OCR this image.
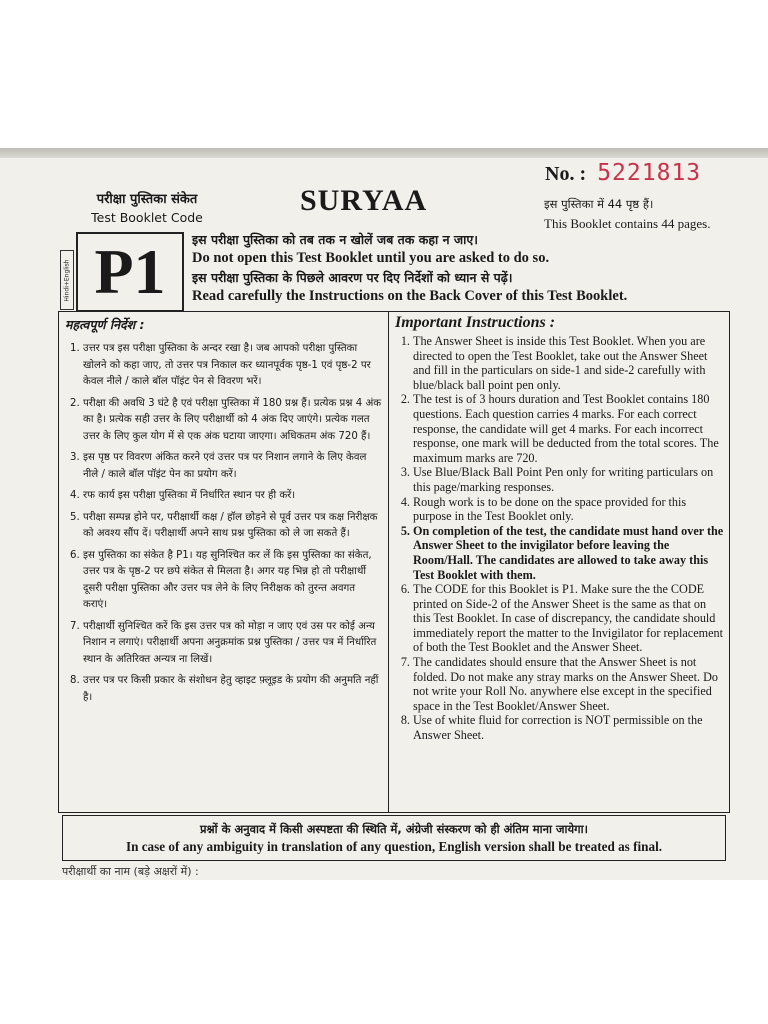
परीक्षा पुस्तिका संकेत
Test Booklet Code
SURYAA
No. : 5221813
इस पुस्तिका में 44 पृष्ठ हैं।
This Booklet contains 44 pages.
Hindi+English P1 इस परीक्षा पुस्तिका को तब तक न खोलें जब तक कहा न जाए।
Do not open this Test Booklet until you are asked to do so.
इस परीक्षा पुस्तिका के पिछले आवरण पर दिए निर्देशों को ध्यान से पढ़ें।
Read carefully the Instructions on the Back Cover of this Test Booklet.
महत्वपूर्ण निर्देश :
1. उत्तर पत्र इस परीक्षा पुस्तिका के अन्दर रखा है। जब आपको परीक्षा पुस्तिका खोलने को कहा जाए, तो उत्तर पत्र निकाल कर ध्यानपूर्वक पृष्ठ-1 एवं पृष्ठ-2 पर केवल नीले / काले बॉल पॉइंट पेन से विवरण भरें।
2. परीक्षा की अवधि 3 घंटे है एवं परीक्षा पुस्तिका में 180 प्रश्न हैं। प्रत्येक प्रश्न 4 अंक का है। प्रत्येक सही उत्तर के लिए परीक्षार्थी को 4 अंक दिए जाएंगे। प्रत्येक गलत उत्तर के लिए कुल योग में से एक अंक घटाया जाएगा। अधिकतम अंक 720 हैं।
3. इस पृष्ठ पर विवरण अंकित करने एवं उत्तर पत्र पर निशान लगाने के लिए केवल नीले / काले बॉल पॉइंट पेन का प्रयोग करें।
4. रफ कार्य इस परीक्षा पुस्तिका में निर्धारित स्थान पर ही करें।
5. परीक्षा सम्पन्न होने पर, परीक्षार्थी कक्ष / हॉल छोड़ने से पूर्व उत्तर पत्र कक्ष निरीक्षक को अवश्य सौंप दें। परीक्षार्थी अपने साथ प्रश्न पुस्तिका को ले जा सकते हैं।
6. इस पुस्तिका का संकेत है P1। यह सुनिश्चित कर लें कि इस पुस्तिका का संकेत, उत्तर पत्र के पृष्ठ-2 पर छपे संकेत से मिलता है। अगर यह भिन्न हो तो परीक्षार्थी दूसरी परीक्षा पुस्तिका और उत्तर पत्र लेने के लिए निरीक्षक को तुरन्त अवगत कराएं।
7. परीक्षार्थी सुनिश्चित करें कि इस उत्तर पत्र को मोड़ा न जाए एवं उस पर कोई अन्य निशान न लगाएं। परीक्षार्थी अपना अनुक्रमांक प्रश्न पुस्तिका / उत्तर पत्र में निर्धारित स्थान के अतिरिक्त अन्यत्र ना लिखें।
8. उत्तर पत्र पर किसी प्रकार के संशोधन हेतु व्हाइट फ़्लूइड के प्रयोग की अनुमति नहीं है।
Important Instructions :
1. The Answer Sheet is inside this Test Booklet. When you are directed to open the Test Booklet, take out the Answer Sheet and fill in the particulars on side-1 and side-2 carefully with blue/black ball point pen only.
2. The test is of 3 hours duration and Test Booklet contains 180 questions. Each question carries 4 marks. For each correct response, the candidate will get 4 marks. For each incorrect response, one mark will be deducted from the total scores. The maximum marks are 720.
3. Use Blue/Black Ball Point Pen only for writing particulars on this page/marking responses.
4. Rough work is to be done on the space provided for this purpose in the Test Booklet only.
5. On completion of the test, the candidate must hand over the Answer Sheet to the invigilator before leaving the Room/Hall. The candidates are allowed to take away this Test Booklet with them.
6. The CODE for this Booklet is P1. Make sure the the CODE printed on Side-2 of the Answer Sheet is the same as that on this Test Booklet. In case of discrepancy, the candidate should immediately report the matter to the Invigilator for replacement of both the Test Booklet and the Answer Sheet.
7. The candidates should ensure that the Answer Sheet is not folded. Do not make any stray marks on the Answer Sheet. Do not write your Roll No. anywhere else except in the specified space in the Test Booklet/Answer Sheet.
8. Use of white fluid for correction is NOT permissible on the Answer Sheet.
प्रश्नों के अनुवाद में किसी अस्पष्टता की स्थिति में, अंग्रेजी संस्करण को ही अंतिम माना जायेगा।
In case of any ambiguity in translation of any question, English version shall be treated as final.
परीक्षार्थी का नाम (बड़े अक्षरों में) :
